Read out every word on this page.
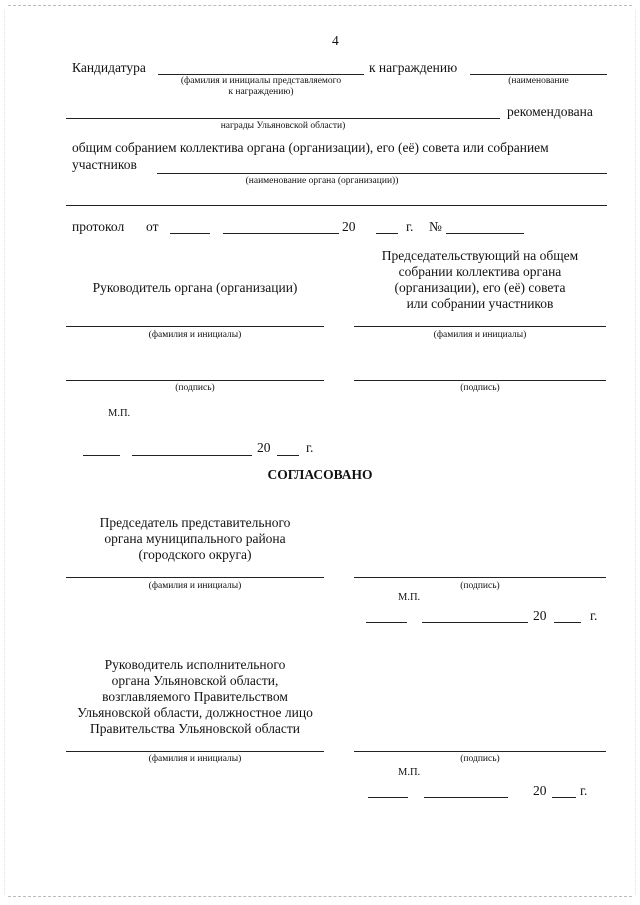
4
Кандидатура	к награждению
(фамилия и инициалы представляемого	(наименование
к награждению)
рекомендована
награды Ульяновской области)
общим собранием коллектива органа (организации), его (её) совета или собранием
участников
(наименование органа (организации))
протокол от	20	г. №
Руководитель органа (организации)
Председательствующий на общем
собрании коллектива органа
(организации), его (её) совета
или собрании участников
(фамилия и инициалы)	(фамилия и инициалы)
(подпись)	(подпись)
М.П.
20	г.
СОГЛАСОВАНО
Председатель представительного
органа муниципального района
(городского округа)
(фамилия и инициалы)	(подпись)
М.П.
20	г.
Руководитель исполнительного
органа Ульяновской области,
возглавляемого Правительством
Ульяновской области, должностное лицо
Правительства Ульяновской области
(фамилия и инициалы)	(подпись)
М.П.
20 г.
